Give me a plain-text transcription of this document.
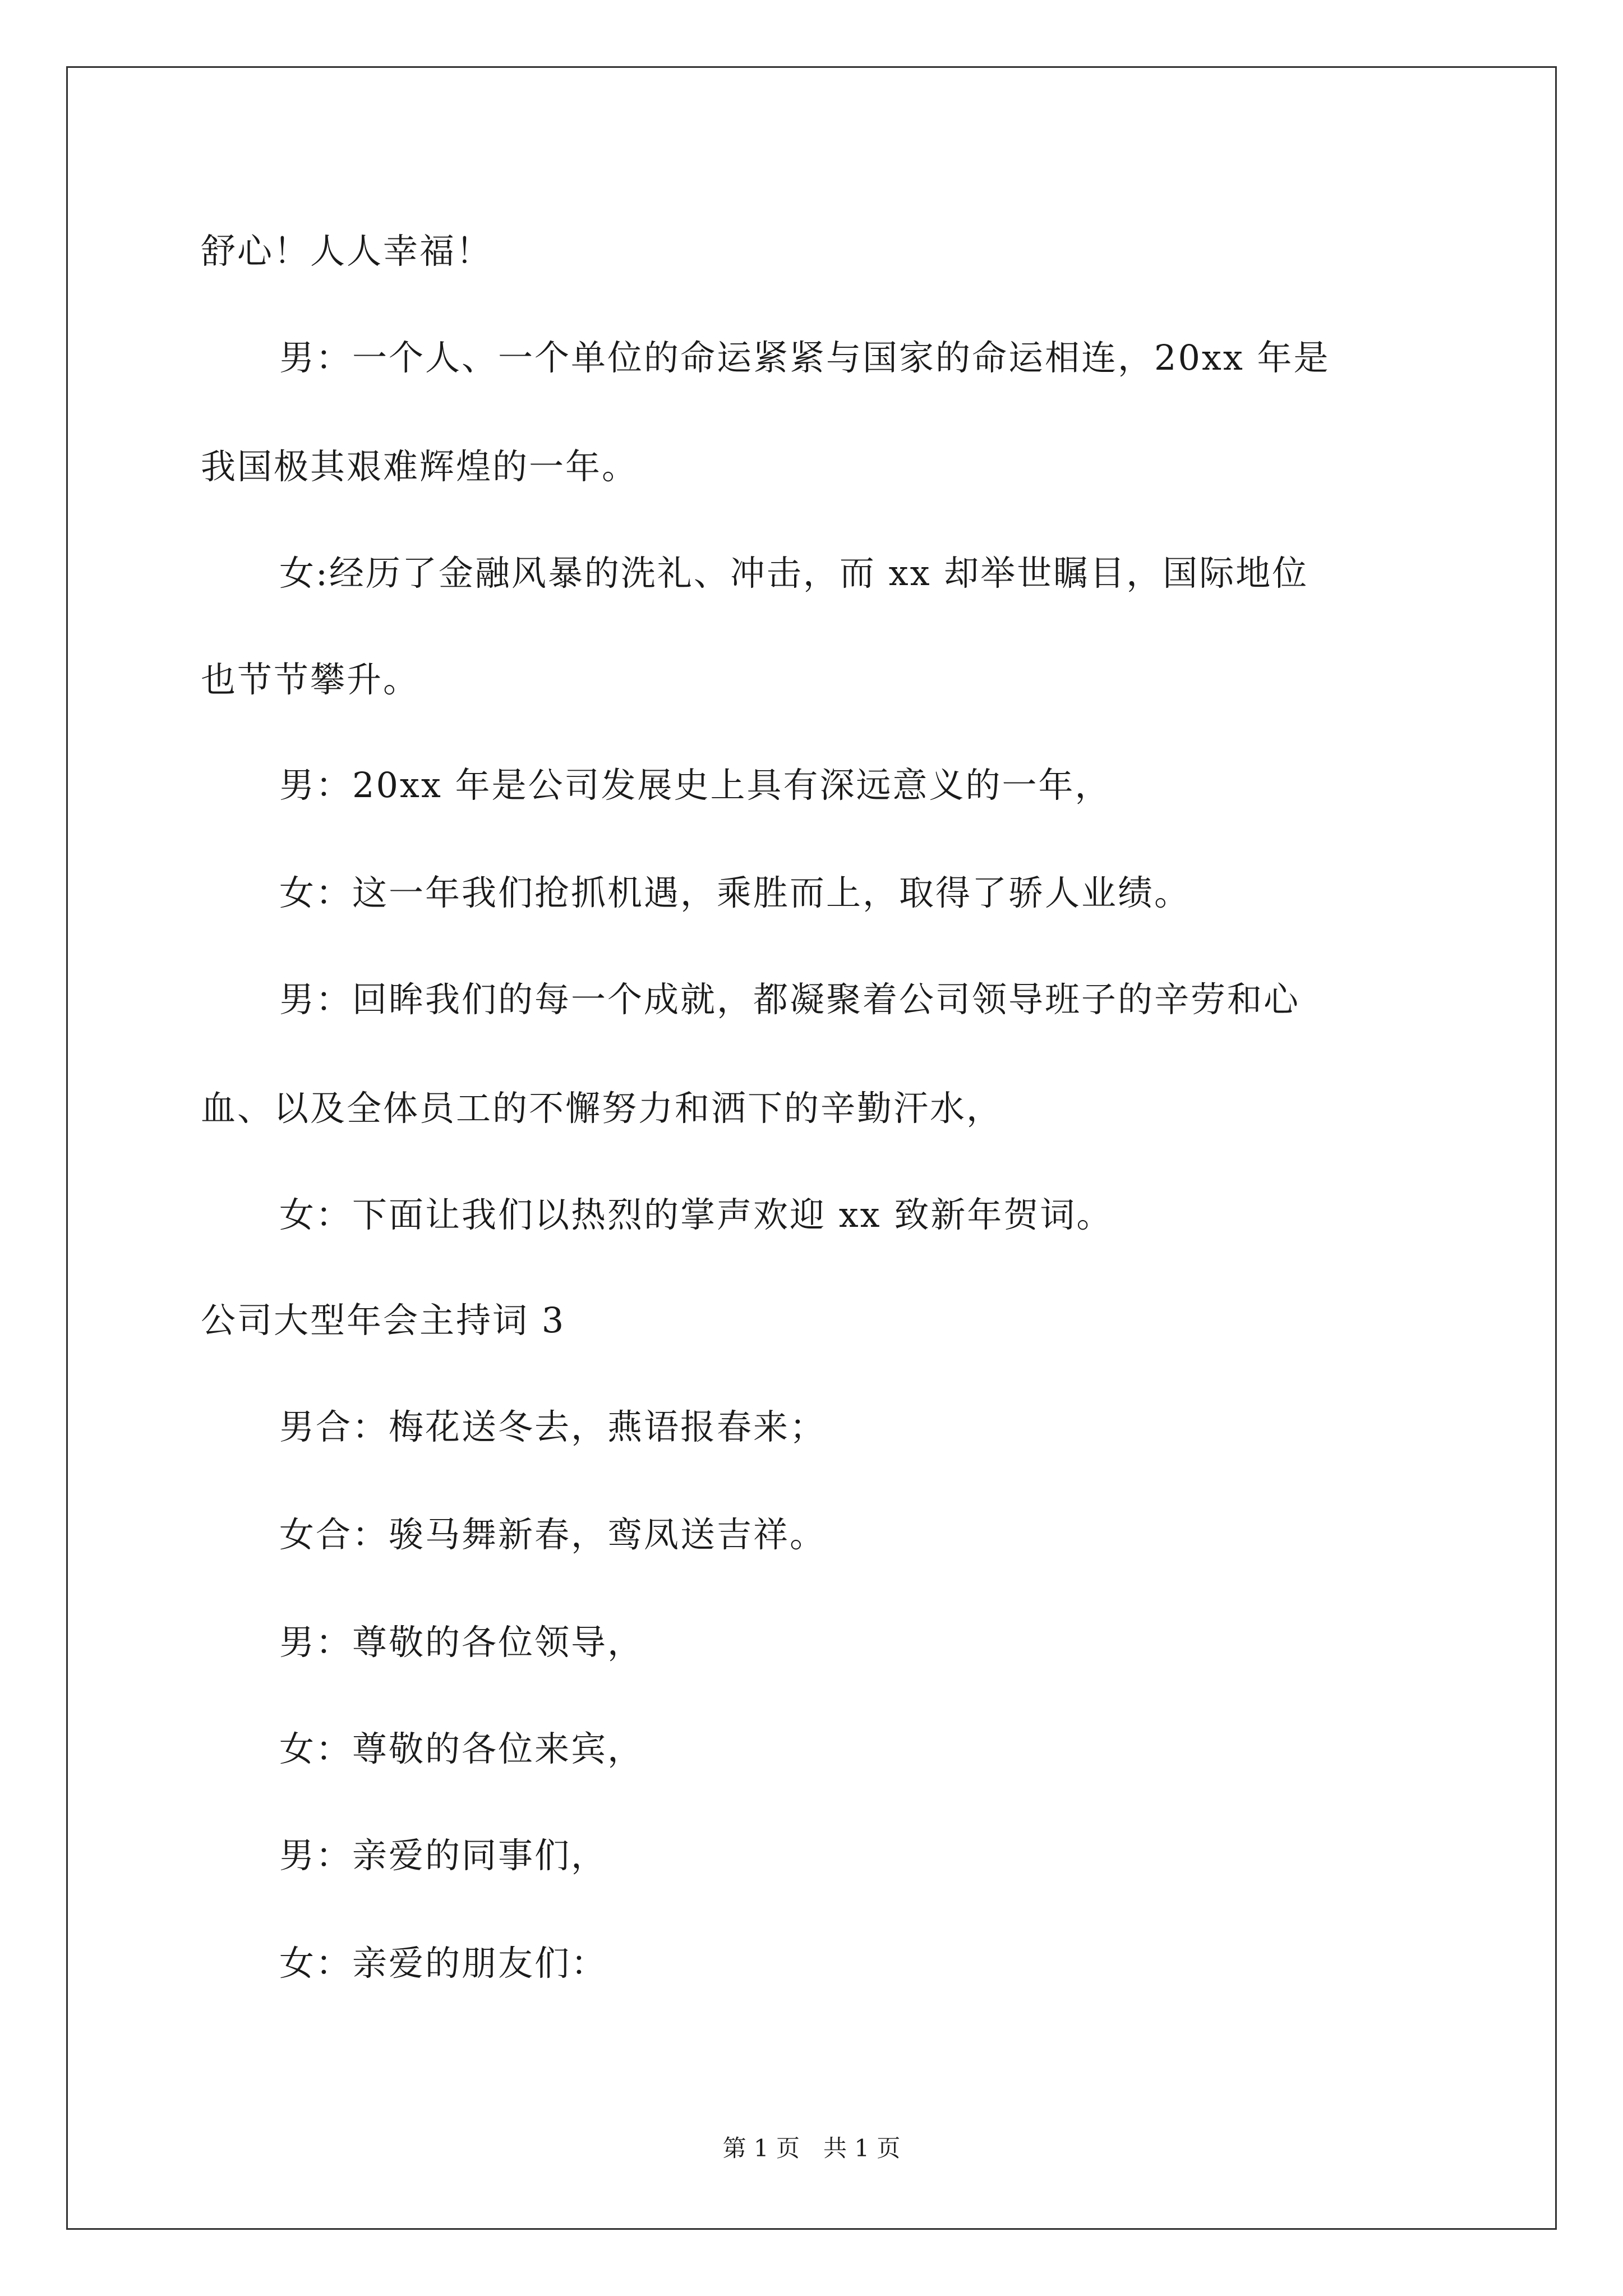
舒心！人人幸福！
男：一个人、一个单位的命运紧紧与国家的命运相连，20xx 年是
我国极其艰难辉煌的一年。
女:经历了金融风暴的洗礼、冲击，而 xx 却举世瞩目，国际地位
也节节攀升。
男：20xx 年是公司发展史上具有深远意义的一年，
女：这一年我们抢抓机遇，乘胜而上，取得了骄人业绩。
男：回眸我们的每一个成就，都凝聚着公司领导班子的辛劳和心
血、以及全体员工的不懈努力和洒下的辛勤汗水，
女：下面让我们以热烈的掌声欢迎 xx 致新年贺词。
公司大型年会主持词 3
男合：梅花送冬去，燕语报春来；
女合：骏马舞新春，鸾凤送吉祥。
男：尊敬的各位领导，
女：尊敬的各位来宾，
男：亲爱的同事们，
女：亲爱的朋友们：
第 1 页　共 1 页
